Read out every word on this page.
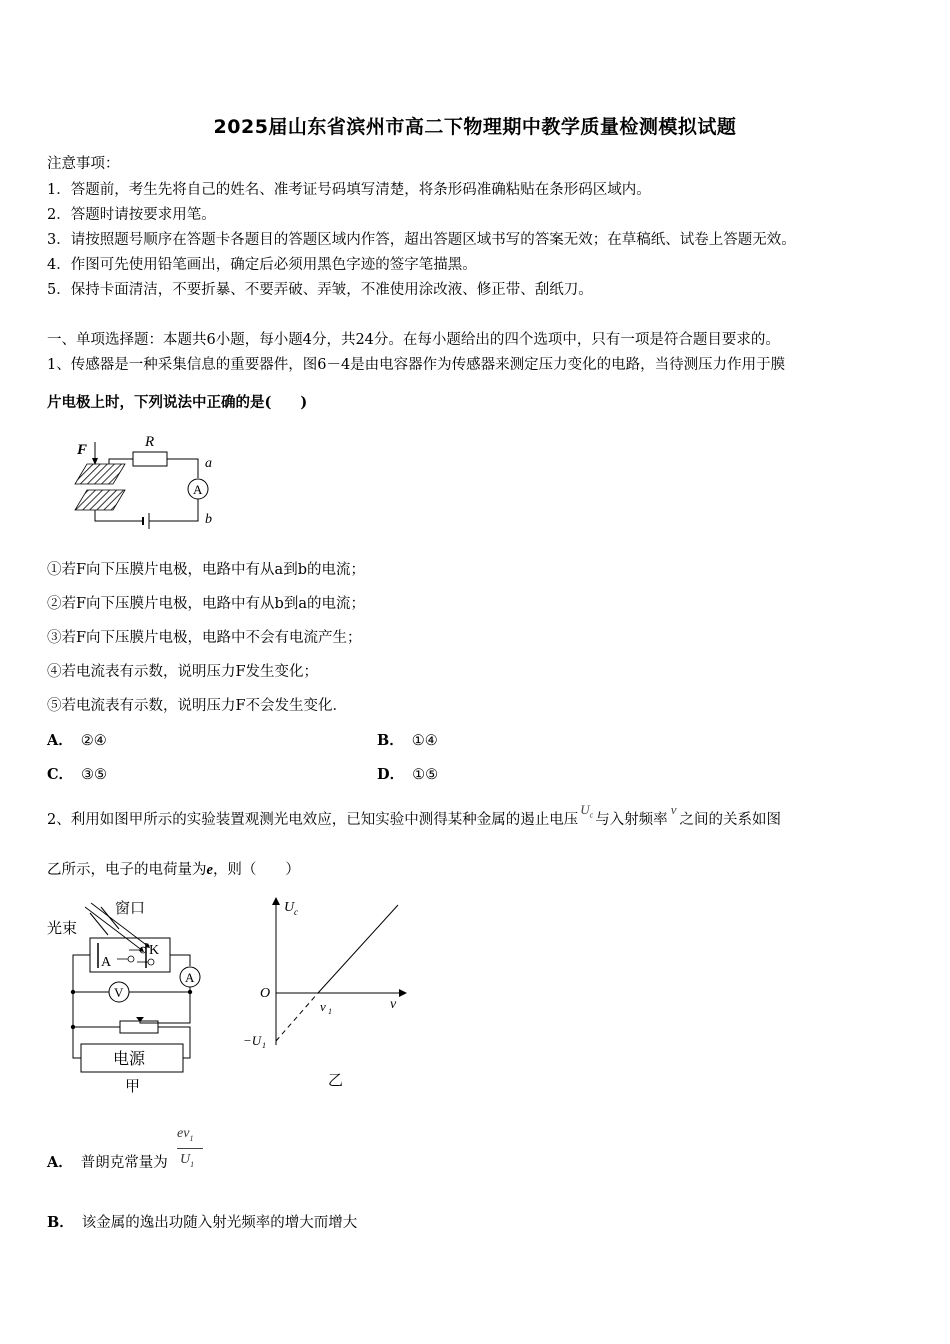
2025届山东省滨州市高二下物理期中教学质量检测模拟试题
注意事项：
1．答题前，考生先将自己的姓名、准考证号码填写清楚，将条形码准确粘贴在条形码区域内。
2．答题时请按要求用笔。
3．请按照题号顺序在答题卡各题目的答题区域内作答，超出答题区域书写的答案无效；在草稿纸、试卷上答题无效。
4．作图可先使用铅笔画出，确定后必须用黑色字迹的签字笔描黑。
5．保持卡面清洁，不要折暴、不要弄破、弄皱，不准使用涂改液、修正带、刮纸刀。
一、单项选择题：本题共6小题，每小题4分，共24分。在每小题给出的四个选项中，只有一项是符合题目要求的。
1、传感器是一种采集信息的重要器件，图6－4是由电容器作为传感器来测定压力变化的电路，当待测压力作用于膜
片电极上时，下列说法中正确的是(　　)
F	R
a
A
b
①若F向下压膜片电极，电路中有从a到b的电流；
②若F向下压膜片电极，电路中有从b到a的电流；
③若F向下压膜片电极，电路中不会有电流产生；
④若电流表有示数，说明压力F发生变化；
⑤若电流表有示数，说明压力F不会发生变化．
A． ②④	B． ①④
C． ③⑤	D． ①⑤
2、利用如图甲所示的实验装置观测光电效应，已知实验中测得某种金属的遏止电压$U_c$ 与入射频率ν之间的关系如图
乙所示，电子的电荷量为e，则（　　）
光束
窗口
K
A
A
V
电源
甲
U c
ν
O
ν 1
−U 1
乙
A． 普朗克常量为
$e\nu_1$
$U_1$
B． 该金属的逸出功随入射光频率的增大而增大
